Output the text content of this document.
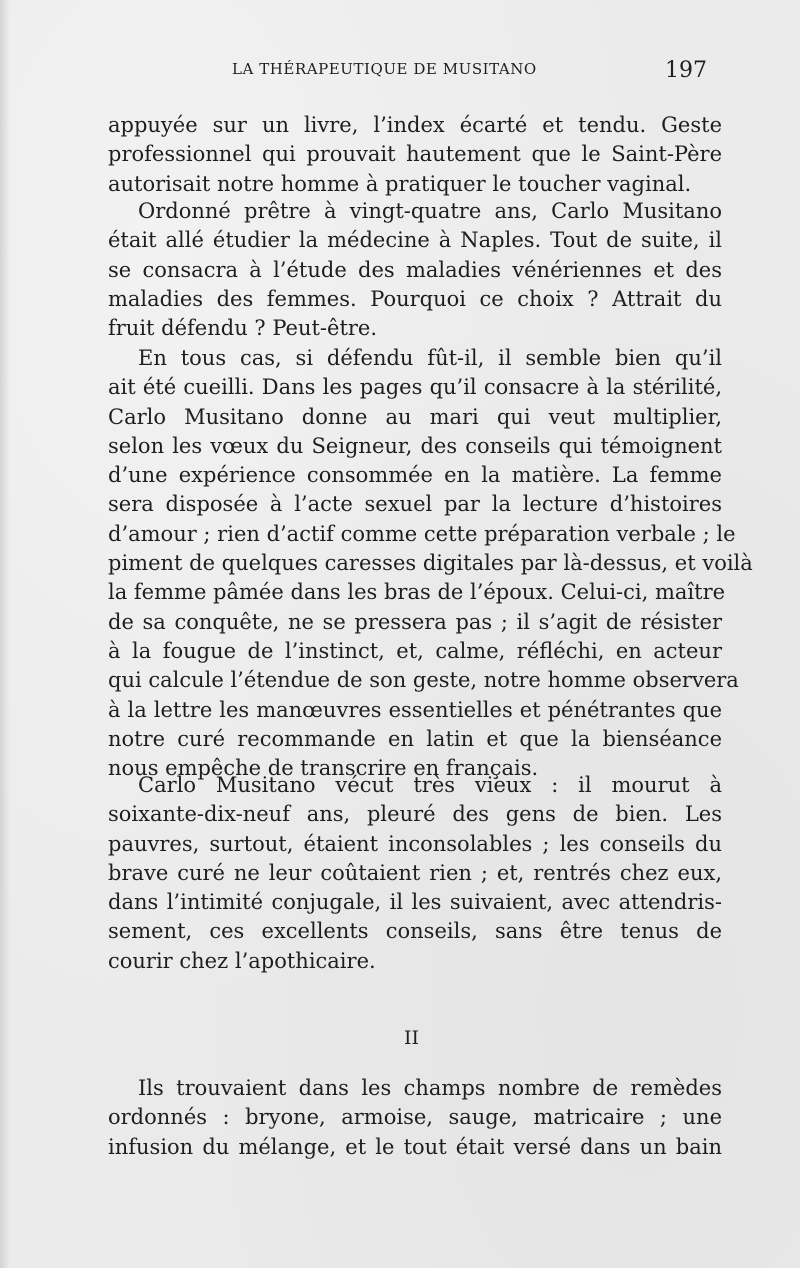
LA THÉRAPEUTIQUE DE MUSITANO	197
appuyée sur un livre, l’index écarté et tendu. Geste
professionnel qui prouvait hautement que le Saint-Père
autorisait notre homme à pratiquer le toucher vaginal.
Ordonné prêtre à vingt-quatre ans, Carlo Musitano
était allé étudier la médecine à Naples. Tout de suite, il
se consacra à l’étude des maladies vénériennes et des
maladies des femmes. Pourquoi ce choix ? Attrait du
fruit défendu ? Peut-être.
En tous cas, si défendu fût-il, il semble bien qu’il
ait été cueilli. Dans les pages qu’il consacre à la stérilité,
Carlo Musitano donne au mari qui veut multiplier,
selon les vœux du Seigneur, des conseils qui témoignent
d’une expérience consommée en la matière. La femme
sera disposée à l’acte sexuel par la lecture d’histoires
d’amour ; rien d’actif comme cette préparation verbale ; le
piment de quelques caresses digitales par là-dessus, et voilà
la femme pâmée dans les bras de l’époux. Celui-ci, maître
de sa conquête, ne se pressera pas ; il s’agit de résister
à la fougue de l’instinct, et, calme, réfléchi, en acteur
qui calcule l’étendue de son geste, notre homme observera
à la lettre les manœuvres essentielles et pénétrantes que
notre curé recommande en latin et que la bienséance
nous empêche de transcrire en français.
Carlo Musitano vécut très vieux : il mourut à
soixante-dix-neuf ans, pleuré des gens de bien. Les
pauvres, surtout, étaient inconsolables ; les conseils du
brave curé ne leur coûtaient rien ; et, rentrés chez eux,
dans l’intimité conjugale, il les suivaient, avec attendris-
sement, ces excellents conseils, sans être tenus de
courir chez l’apothicaire.
II
Ils trouvaient dans les champs nombre de remèdes
ordonnés : bryone, armoise, sauge, matricaire ; une
infusion du mélange, et le tout était versé dans un bain
